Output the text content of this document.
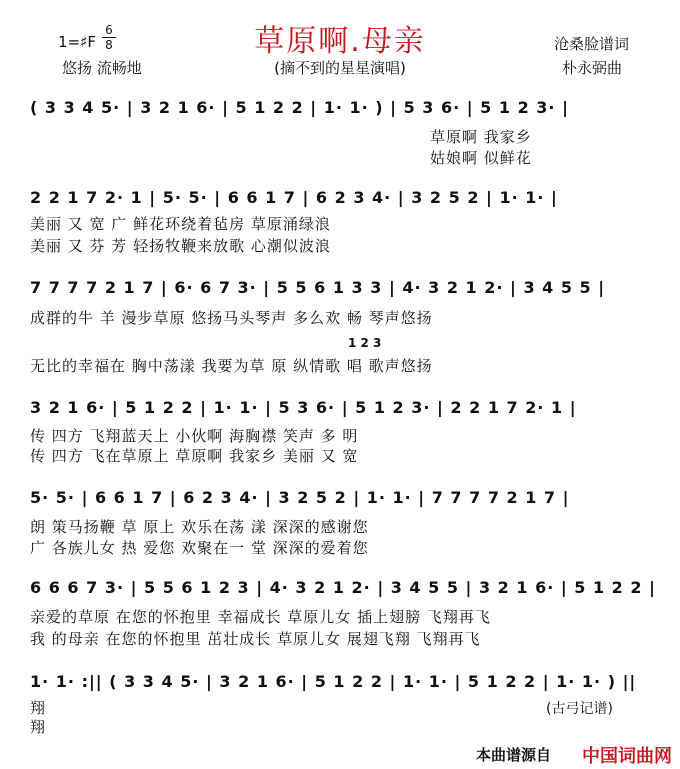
草原啊.母亲
1=♯F
6
8
悠扬 流畅地	(摘不到的星星演唱)
沧桑脸谱词
朴永弼曲
( 3 3 4 5· | 3 2 1 6· | 5 1 2 2 | 1· 1· ) | 5 3 6· | 5 1 2 3· |
草原啊 我家乡
姑娘啊 似鲜花
2 2 1 7 2· 1 | 5· 5· | 6 6 1 7 | 6 2 3 4· | 3 2 5 2 | 1· 1· |
美丽 又 宽 广 鲜花环绕着毡房 草原涌绿浪
美丽 又 芬 芳 轻扬牧鞭来放歌 心潮似波浪
7 7 7 7 2 1 7 | 6· 6 7 3· | 5 5 6 1 3 3 | 4· 3 2 1 2· | 3 4 5 5 |
成群的牛 羊 漫步草原 悠扬马头琴声 多么欢 畅 琴声悠扬
1 2 3
无比的幸福在 胸中荡漾 我要为草 原 纵情歌 唱 歌声悠扬
3 2 1 6· | 5 1 2 2 | 1· 1· | 5 3 6· | 5 1 2 3· | 2 2 1 7 2· 1 |
传 四方 飞翔蓝天上 小伙啊 海胸襟 笑声 多 明
传 四方 飞在草原上 草原啊 我家乡 美丽 又 宽
5· 5· | 6 6 1 7 | 6 2 3 4· | 3 2 5 2 | 1· 1· | 7 7 7 7 2 1 7 |
朗 策马扬鞭 草 原上 欢乐在荡 漾 深深的感谢您
广 各族儿女 热 爱您 欢聚在一 堂 深深的爱着您
6 6 6 7 3· | 5 5 6 1 2 3 | 4· 3 2 1 2· | 3 4 5 5 | 3 2 1 6· | 5 1 2 2 |
亲爱的草原 在您的怀抱里 幸福成长 草原儿女 插上翅膀 飞翔再飞
我 的母亲 在您的怀抱里 茁壮成长 草原儿女 展翅飞翔 飞翔再飞
1· 1· :|| ( 3 3 4 5· | 3 2 1 6· | 5 1 2 2 | 1· 1· | 5 1 2 2 | 1· 1· ) ||
翔
翔
(古弓记谱)
本曲谱源自 中国词曲网
